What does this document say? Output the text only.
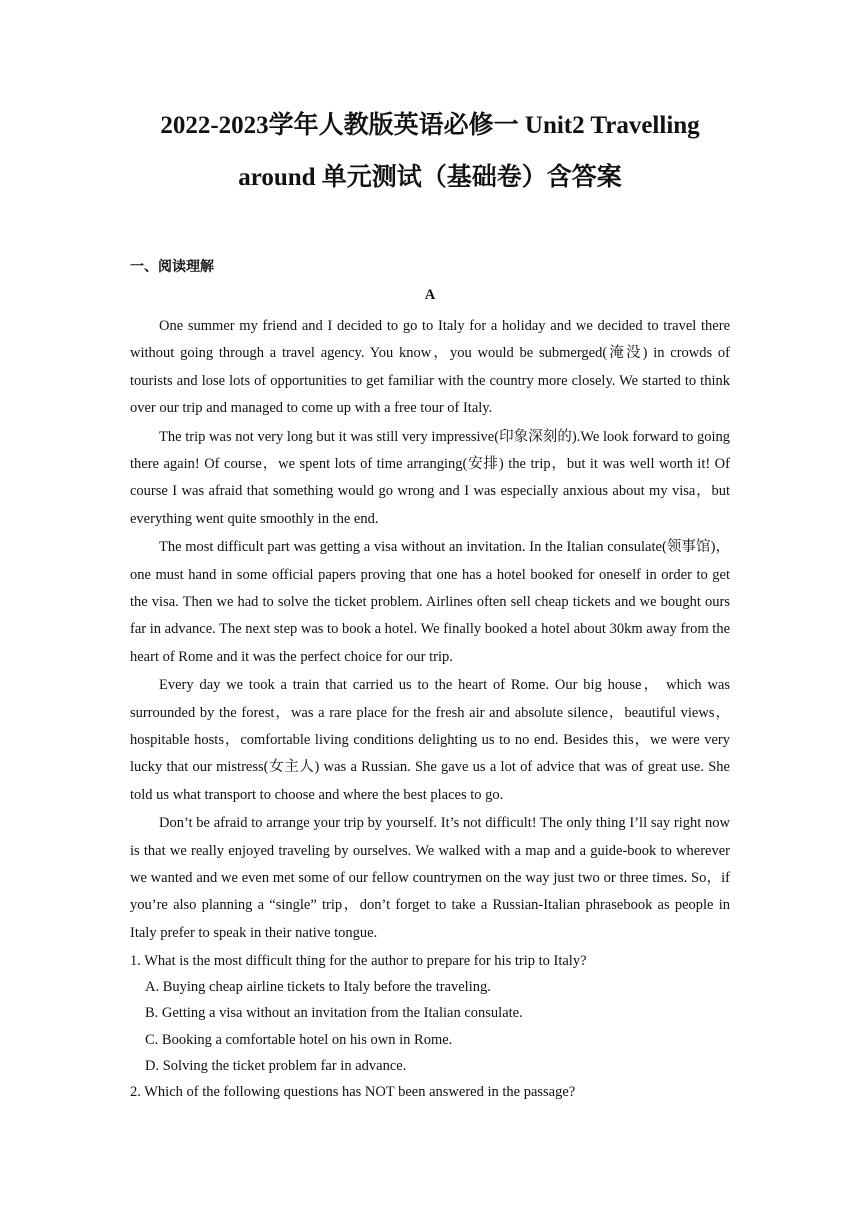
2022-2023学年人教版英语必修一 Unit2 Travelling
around 单元测试（基础卷）含答案

一、阅读理解

A

One summer my friend and I decided to go to Italy for a holiday and we decided to travel there without going through a travel agency. You know，you would be submerged(淹没) in crowds of tourists and lose lots of opportunities to get familiar with the country more closely. We started to think over our trip and managed to come up with a free tour of Italy.

The trip was not very long but it was still very impressive(印象深刻的).We look forward to going there again! Of course，we spent lots of time arranging(安排) the trip，but it was well worth it! Of course I was afraid that something would go wrong and I was especially anxious about my visa，but everything went quite smoothly in the end.

The most difficult part was getting a visa without an invitation. In the Italian consulate(领事馆)，one must hand in some official papers proving that one has a hotel booked for oneself in order to get the visa. Then we had to solve the ticket problem. Airlines often sell cheap tickets and we bought ours far in advance. The next step was to book a hotel. We finally booked a hotel about 30km away from the heart of Rome and it was the perfect choice for our trip.

Every day we took a train that carried us to the heart of Rome. Our big house， which was surrounded by the forest，was a rare place for the fresh air and absolute silence，beautiful views，hospitable hosts，comfortable living conditions delighting us to no end. Besides this，we were very lucky that our mistress(女主人) was a Russian. She gave us a lot of advice that was of great use. She told us what transport to choose and where the best places to go.

Don’t be afraid to arrange your trip by yourself. It’s not difficult! The only thing I’ll say right now is that we really enjoyed traveling by ourselves. We walked with a map and a guide-book to wherever we wanted and we even met some of our fellow countrymen on the way just two or three times. So，if you’re also planning a “single” trip，don’t forget to take a Russian-Italian phrasebook as people in Italy prefer to speak in their native tongue.

1. What is the most difficult thing for the author to prepare for his trip to Italy?

A. Buying cheap airline tickets to Italy before the traveling.

B. Getting a visa without an invitation from the Italian consulate.

C. Booking a comfortable hotel on his own in Rome.

D. Solving the ticket problem far in advance.

2. Which of the following questions has NOT been answered in the passage?
